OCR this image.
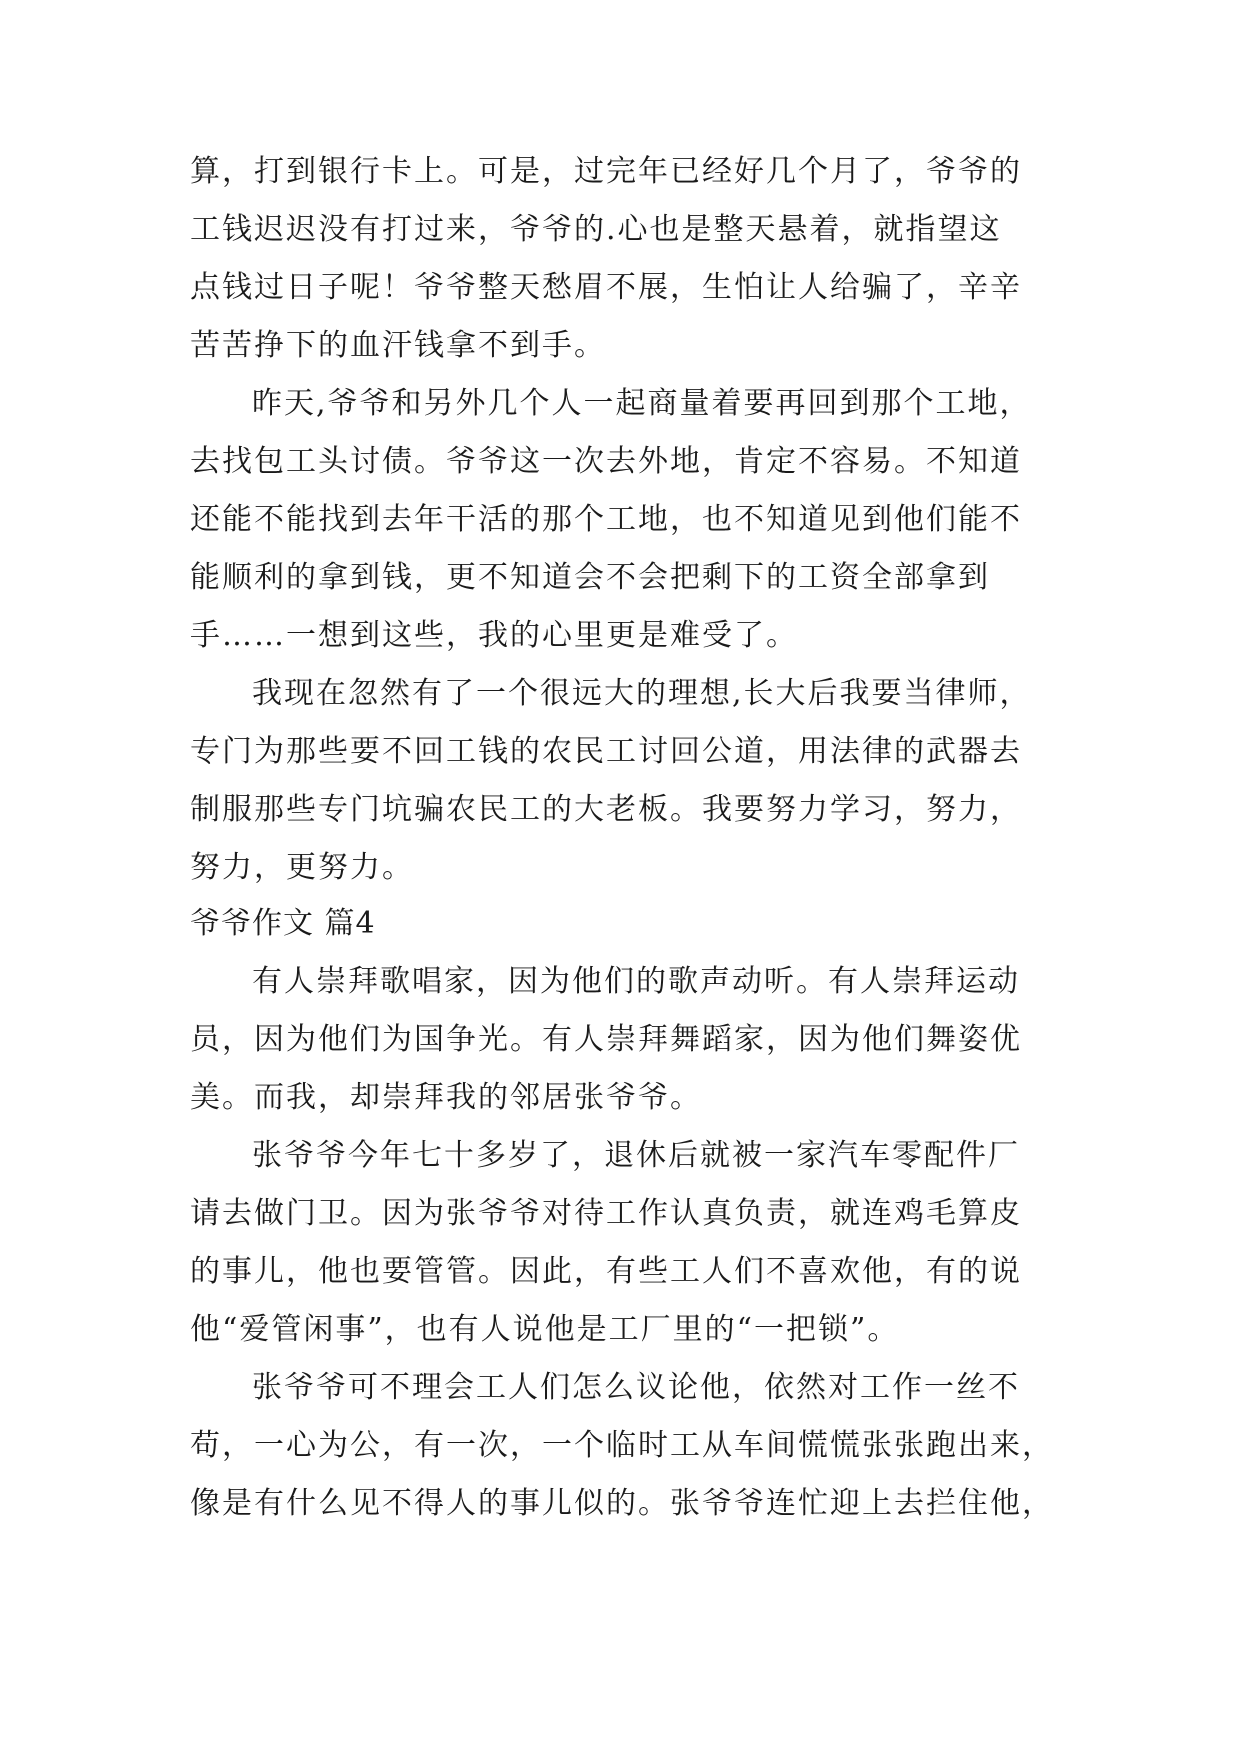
算，打到银行卡上。可是，过完年已经好几个月了，爷爷的
工钱迟迟没有打过来，爷爷的.心也是整天悬着，就指望这
点钱过日子呢！爷爷整天愁眉不展，生怕让人给骗了，辛辛
苦苦挣下的血汗钱拿不到手。
昨天,爷爷和另外几个人一起商量着要再回到那个工地，
去找包工头讨债。爷爷这一次去外地，肯定不容易。不知道
还能不能找到去年干活的那个工地，也不知道见到他们能不
能顺利的拿到钱，更不知道会不会把剩下的工资全部拿到
手……一想到这些，我的心里更是难受了。
我现在忽然有了一个很远大的理想,长大后我要当律师，
专门为那些要不回工钱的农民工讨回公道，用法律的武器去
制服那些专门坑骗农民工的大老板。我要努力学习，努力，
努力，更努力。
爷爷作文 篇4
有人崇拜歌唱家，因为他们的歌声动听。有人崇拜运动
员，因为他们为国争光。有人崇拜舞蹈家，因为他们舞姿优
美。而我，却崇拜我的邻居张爷爷。
张爷爷今年七十多岁了，退休后就被一家汽车零配件厂
请去做门卫。因为张爷爷对待工作认真负责，就连鸡毛算皮
的事儿，他也要管管。因此，有些工人们不喜欢他，有的说
他“爱管闲事”，也有人说他是工厂里的“一把锁”。
张爷爷可不理会工人们怎么议论他，依然对工作一丝不
苟，一心为公，有一次，一个临时工从车间慌慌张张跑出来，
像是有什么见不得人的事儿似的。张爷爷连忙迎上去拦住他，
